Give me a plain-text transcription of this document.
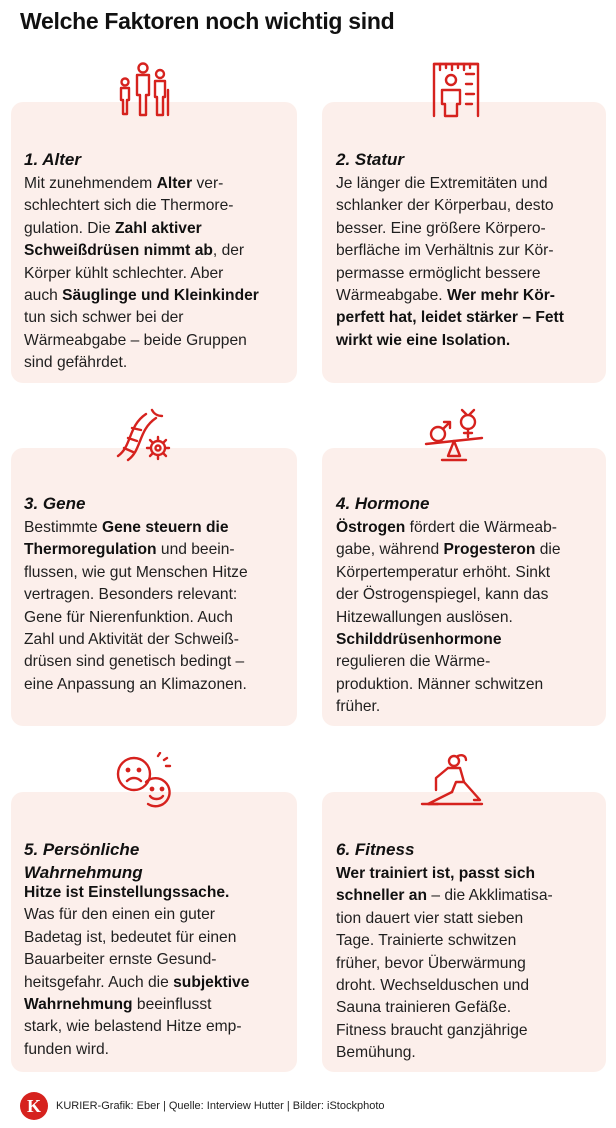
Welche Faktoren noch wichtig sind
1. Alter
Mit zunehmendem Alter ver-
schlechtert sich die Thermore-
gulation. Die Zahl aktiver
Schweißdrüsen nimmt ab, der
Körper kühlt schlechter. Aber
auch Säuglinge und Kleinkinder
tun sich schwer bei der
Wärmeabgabe – beide Gruppen
sind gefährdet.
2. Statur
Je länger die Extremitäten und
schlanker der Körperbau, desto
besser. Eine größere Körpero-
berfläche im Verhältnis zur Kör-
permasse ermöglicht bessere
Wärmeabgabe. Wer mehr Kör-
perfett hat, leidet stärker – Fett
wirkt wie eine Isolation.
3. Gene
Bestimmte Gene steuern die
Thermoregulation und beein-
flussen, wie gut Menschen Hitze
vertragen. Besonders relevant:
Gene für Nierenfunktion. Auch
Zahl und Aktivität der Schweiß-
drüsen sind genetisch bedingt –
eine Anpassung an Klimazonen.
4. Hormone
Östrogen fördert die Wärmeab-
gabe, während Progesteron die
Körpertemperatur erhöht. Sinkt
der Östrogenspiegel, kann das
Hitzewallungen auslösen.
Schilddrüsenhormone
regulieren die Wärme-
produktion. Männer schwitzen
früher.
5. Persönliche
Wahrnehmung
Hitze ist Einstellungssache.
Was für den einen ein guter
Badetag ist, bedeutet für einen
Bauarbeiter ernste Gesund-
heitsgefahr. Auch die subjektive
Wahrnehmung beeinflusst
stark, wie belastend Hitze emp-
funden wird.
6. Fitness
Wer trainiert ist, passt sich
schneller an – die Akklimatisa-
tion dauert vier statt sieben
Tage. Trainierte schwitzen
früher, bevor Überwärmung
droht. Wechselduschen und
Sauna trainieren Gefäße.
Fitness braucht ganzjährige
Bemühung.
K	KURIER-Grafik: Eber | Quelle: Interview Hutter | Bilder: iStockphoto
